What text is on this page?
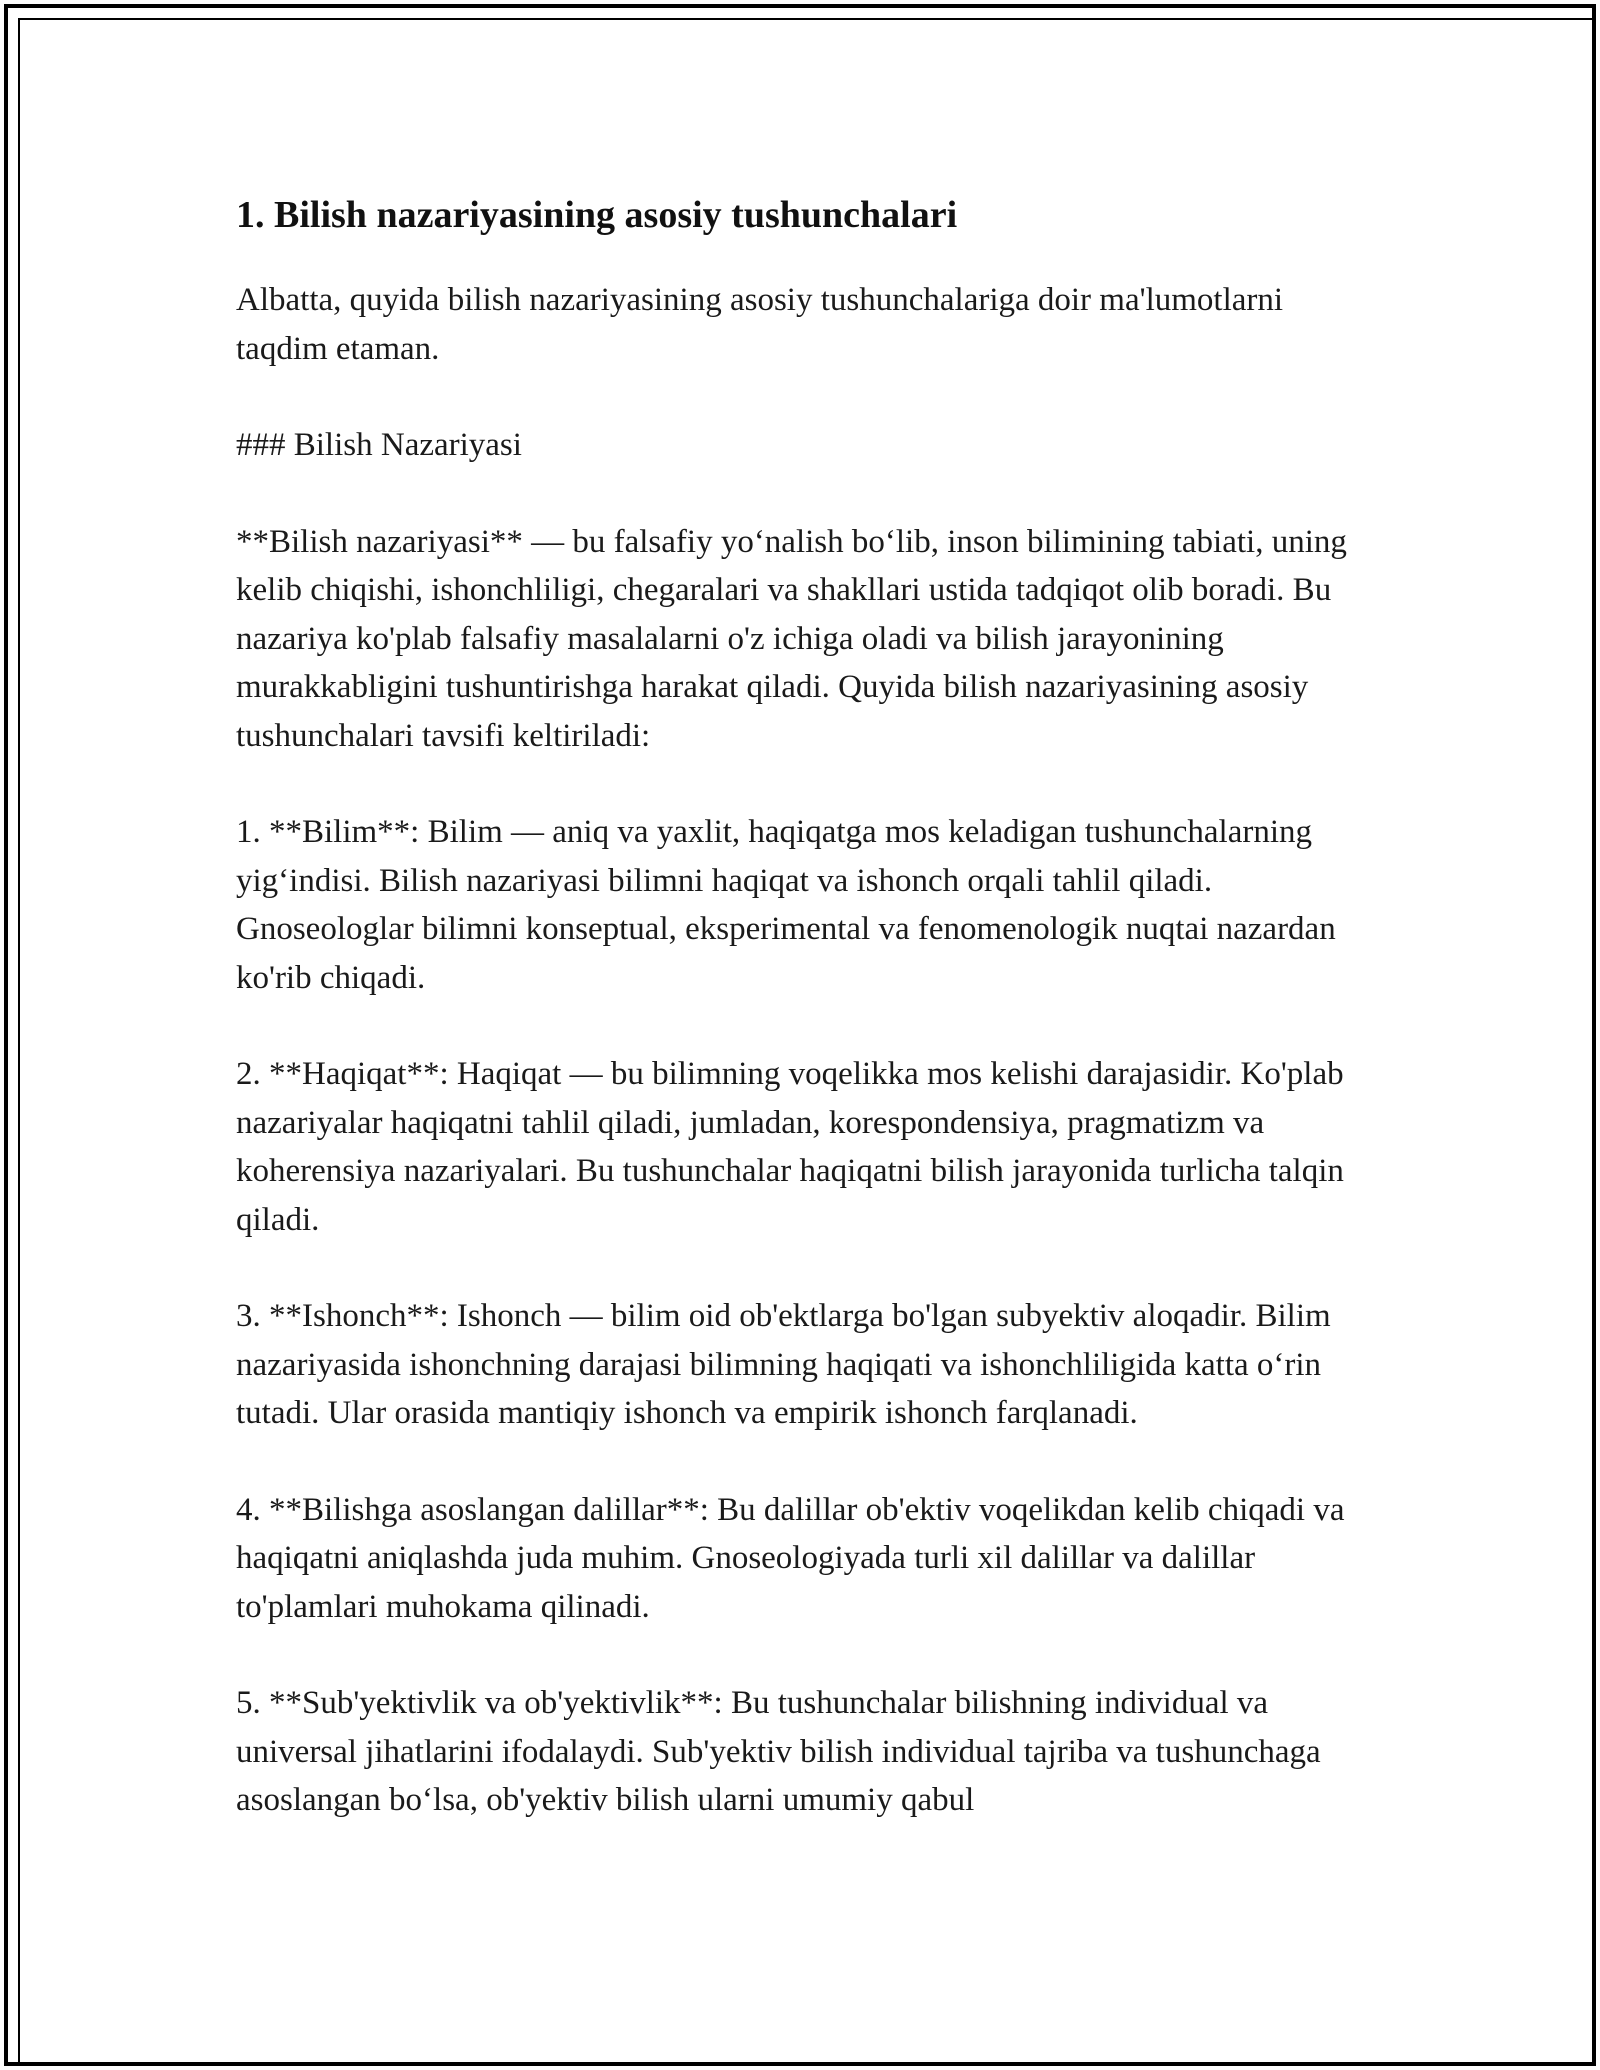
1. Bilish nazariyasining asosiy tushunchalari

Albatta, quyida bilish nazariyasining asosiy tushunchalariga doir ma'lumotlarni taqdim etaman.

### Bilish Nazariyasi

**Bilish nazariyasi** — bu falsafiy yo‘nalish bo‘lib, inson bilimining tabiati, uning kelib chiqishi, ishonchliligi, chegaralari va shakllari ustida tadqiqot olib boradi. Bu nazariya ko'plab falsafiy masalalarni o'z ichiga oladi va bilish jarayonining murakkabligini tushuntirishga harakat qiladi. Quyida bilish nazariyasining asosiy tushunchalari tavsifi keltiriladi:

1. **Bilim**: Bilim — aniq va yaxlit, haqiqatga mos keladigan tushunchalarning yig‘indisi. Bilish nazariyasi bilimni haqiqat va ishonch orqali tahlil qiladi. Gnoseologlar bilimni konseptual, eksperimental va fenomenologik nuqtai nazardan ko'rib chiqadi.

2. **Haqiqat**: Haqiqat — bu bilimning voqelikka mos kelishi darajasidir. Ko'plab nazariyalar haqiqatni tahlil qiladi, jumladan, korespondensiya, pragmatizm va koherensiya nazariyalari. Bu tushunchalar haqiqatni bilish jarayonida turlicha talqin qiladi.

3. **Ishonch**: Ishonch — bilim oid ob'ektlarga bo'lgan subyektiv aloqadir. Bilim nazariyasida ishonchning darajasi bilimning haqiqati va ishonchliligida katta o‘rin tutadi. Ular orasida mantiqiy ishonch va empirik ishonch farqlanadi.

4. **Bilishga asoslangan dalillar**: Bu dalillar ob'ektiv voqelikdan kelib chiqadi va haqiqatni aniqlashda juda muhim. Gnoseologiyada turli xil dalillar va dalillar to'plamlari muhokama qilinadi.

5. **Sub'yektivlik va ob'yektivlik**: Bu tushunchalar bilishning individual va universal jihatlarini ifodalaydi. Sub'yektiv bilish individual tajriba va tushunchaga asoslangan bo‘lsa, ob'yektiv bilish ularni umumiy qabul
